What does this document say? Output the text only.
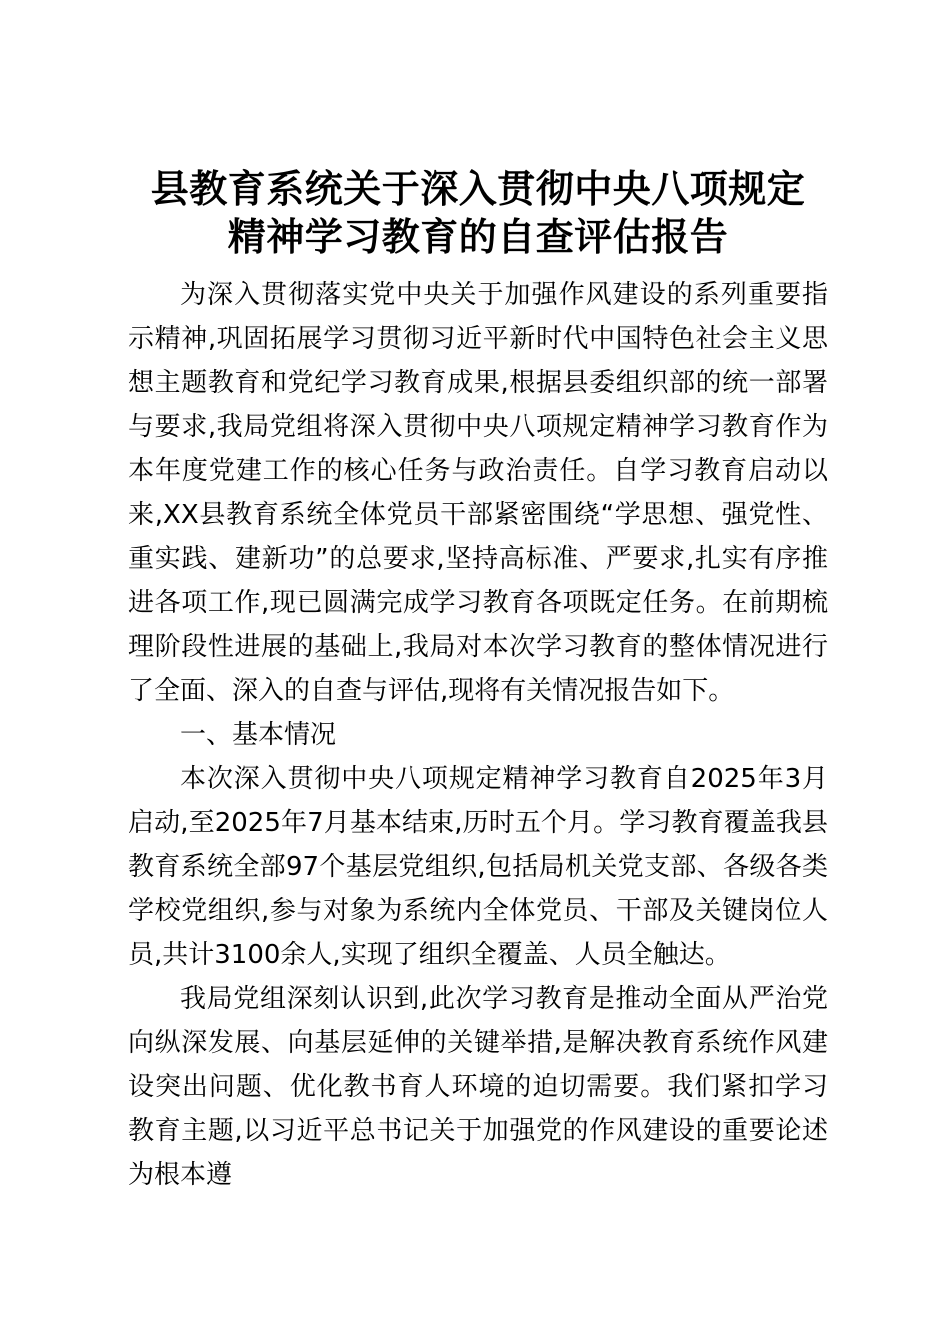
县教育系统关于深入贯彻中央八项规定
精神学习教育的自查评估报告

为深入贯彻落实党中央关于加强作风建设的系列重要指示精神,巩固拓展学习贯彻习近平新时代中国特色社会主义思想主题教育和党纪学习教育成果,根据县委组织部的统一部署与要求,我局党组将深入贯彻中央八项规定精神学习教育作为本年度党建工作的核心任务与政治责任。自学习教育启动以来,XX县教育系统全体党员干部紧密围绕“学思想、强党性、重实践、建新功”的总要求,坚持高标准、严要求,扎实有序推进各项工作,现已圆满完成学习教育各项既定任务。在前期梳理阶段性进展的基础上,我局对本次学习教育的整体情况进行了全面、深入的自查与评估,现将有关情况报告如下。

一、基本情况

本次深入贯彻中央八项规定精神学习教育自2025年3月启动,至2025年7月基本结束,历时五个月。学习教育覆盖我县教育系统全部97个基层党组织,包括局机关党支部、各级各类学校党组织,参与对象为系统内全体党员、干部及关键岗位人员,共计3100余人,实现了组织全覆盖、人员全触达。

我局党组深刻认识到,此次学习教育是推动全面从严治党向纵深发展、向基层延伸的关键举措,是解决教育系统作风建设突出问题、优化教书育人环境的迫切需要。我们紧扣学习教育主题,以习近平总书记关于加强党的作风建设的重要论述为根本遵
